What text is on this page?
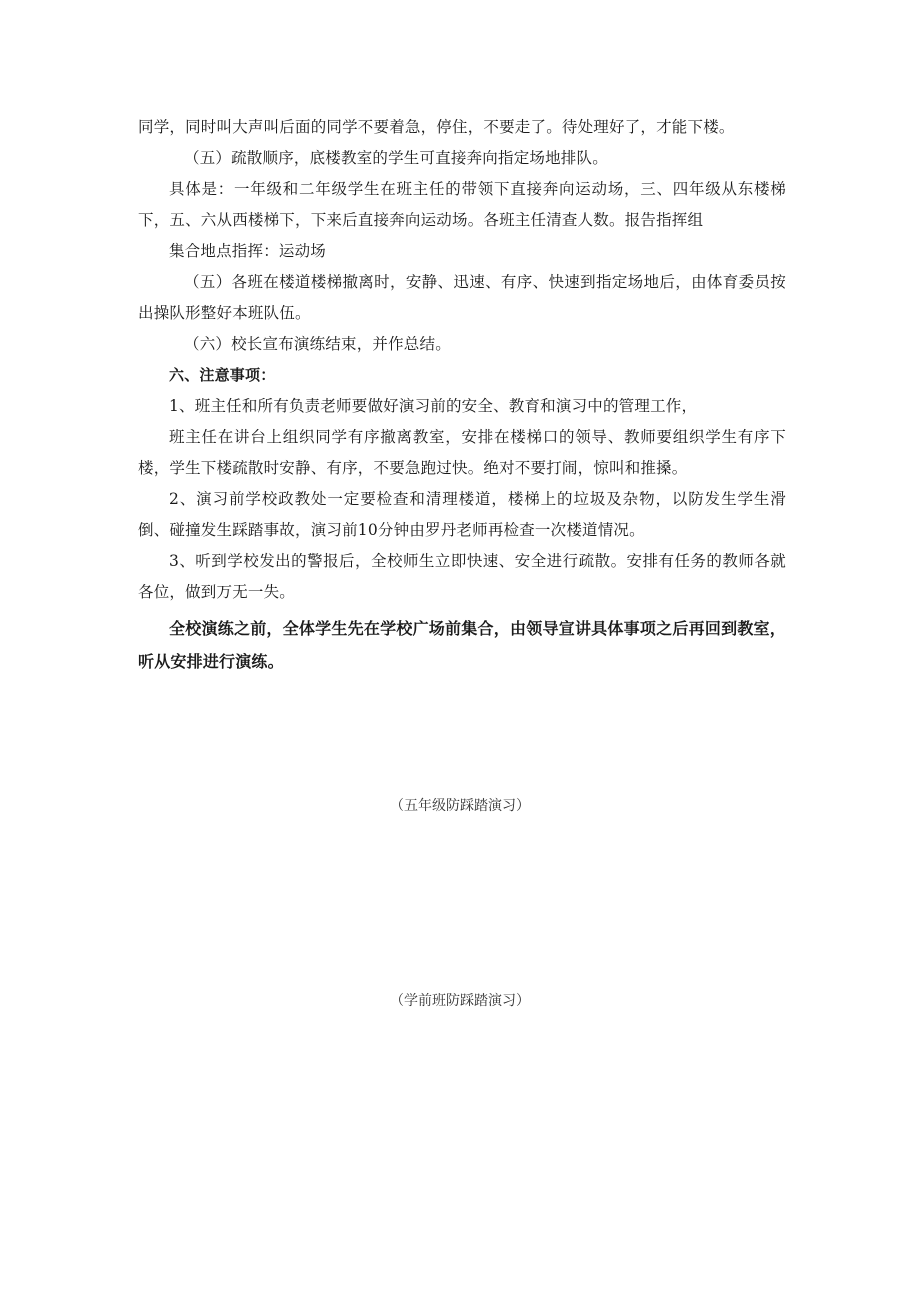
同学，同时叫大声叫后面的同学不要着急，停住，不要走了。待处理好了，才能下楼。

（五）疏散顺序，底楼教室的学生可直接奔向指定场地排队。

具体是：一年级和二年级学生在班主任的带领下直接奔向运动场，三、四年级从东楼梯下，五、六从西楼梯下，下来后直接奔向运动场。各班主任清查人数。报告指挥组

集合地点指挥：运动场

（五）各班在楼道楼梯撤离时，安静、迅速、有序、快速到指定场地后，由体育委员按出操队形整好本班队伍。

（六）校长宣布演练结束，并作总结。

六、注意事项：

1、班主任和所有负责老师要做好演习前的安全、教育和演习中的管理工作，

班主任在讲台上组织同学有序撤离教室，安排在楼梯口的领导、教师要组织学生有序下楼，学生下楼疏散时安静、有序，不要急跑过快。绝对不要打闹，惊叫和推搡。

2、演习前学校政教处一定要检查和清理楼道，楼梯上的垃圾及杂物，以防发生学生滑倒、碰撞发生踩踏事故，演习前10分钟由罗丹老师再检查一次楼道情况。

3、听到学校发出的警报后，全校师生立即快速、安全进行疏散。安排有任务的教师各就各位，做到万无一失。

全校演练之前，全体学生先在学校广场前集合，由领导宣讲具体事项之后再回到教室，听从安排进行演练。

（五年级防踩踏演习）
（学前班防踩踏演习）
